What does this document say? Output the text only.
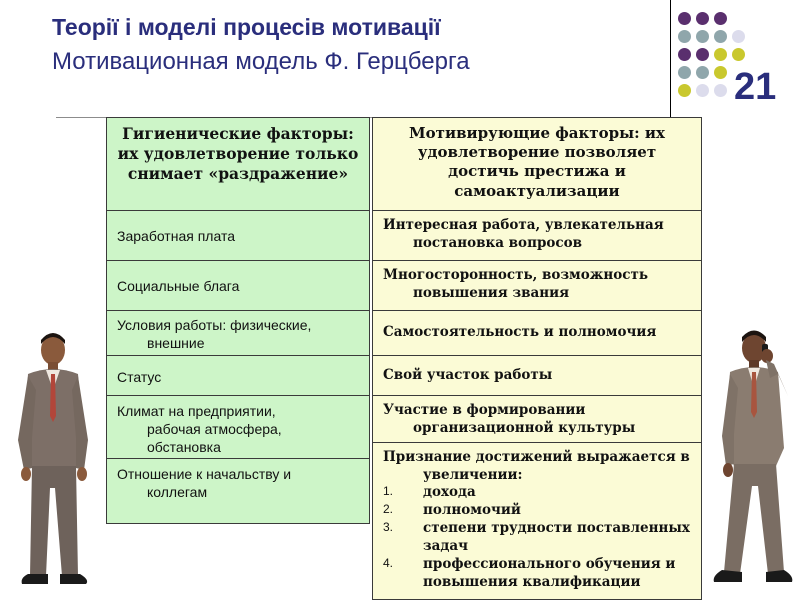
Теорії і моделі процесів мотивації
Мотивационная модель Ф. Герцберга
21
Гигиенические факторы: их удовлетворение только снимает «раздражение»
Заработная плата
Социальные блага
Условия работы: физические, внешние
Статус
Климат на предприятии, рабочая атмосфера, обстановка
Отношение к начальству и коллегам
Мотивирующие факторы: их удовлетворение позволяет достичь престижа и самоактуализации
Интересная работа, увлекательная постановка вопросов
Многосторонность, возможность повышения звания
Самостоятельность и полномочия
Свой участок работы
Участие в формировании организационной культуры
Признание достижений выражается в увеличении:
1. дохода
2. полномочий
3. степени трудности поставленных задач
4. профессионального обучения и повышения квалификации
